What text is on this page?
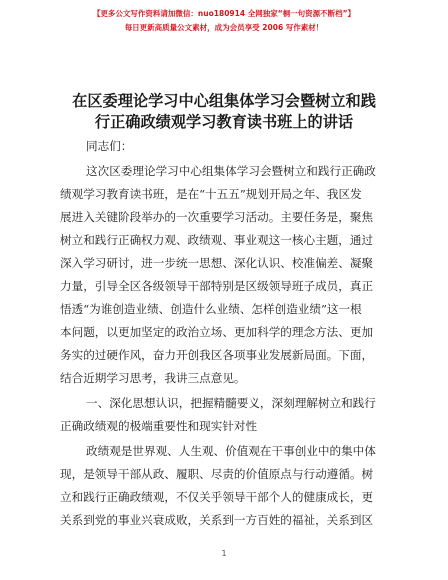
【更多公文写作资料请加微信：nuo180914 全网独家“桐一句资源不断档”】
每日更新高质量公文素材，成为会员享受 2006 写作素材！
在区委理论学习中心组集体学习会暨树立和践
行正确政绩观学习教育读书班上的讲话
同志们：
这次区委理论学习中心组集体学习会暨树立和践行正确政
绩观学习教育读书班，是在“十五五”规划开局之年、我区发
展进入关键阶段举办的一次重要学习活动。主要任务是，聚焦
树立和践行正确权力观、政绩观、事业观这一核心主题，通过
深入学习研讨，进一步统一思想、深化认识、校准偏差、凝聚
力量，引导全区各级领导干部特别是区级领导班子成员，真正
悟透“为谁创造业绩、创造什么业绩、怎样创造业绩”这一根
本问题，以更加坚定的政治立场、更加科学的理念方法、更加
务实的过硬作风，奋力开创我区各项事业发展新局面。下面，
结合近期学习思考，我讲三点意见。
一、深化思想认识，把握精髓要义，深刻理解树立和践行
正确政绩观的极端重要性和现实针对性
政绩观是世界观、人生观、价值观在干事创业中的集中体
现，是领导干部从政、履职、尽责的价值原点与行动遵循。树
立和践行正确政绩观，不仅关乎领导干部个人的健康成长，更
关系到党的事业兴衰成败，关系到一方百姓的福祉，关系到区
1
